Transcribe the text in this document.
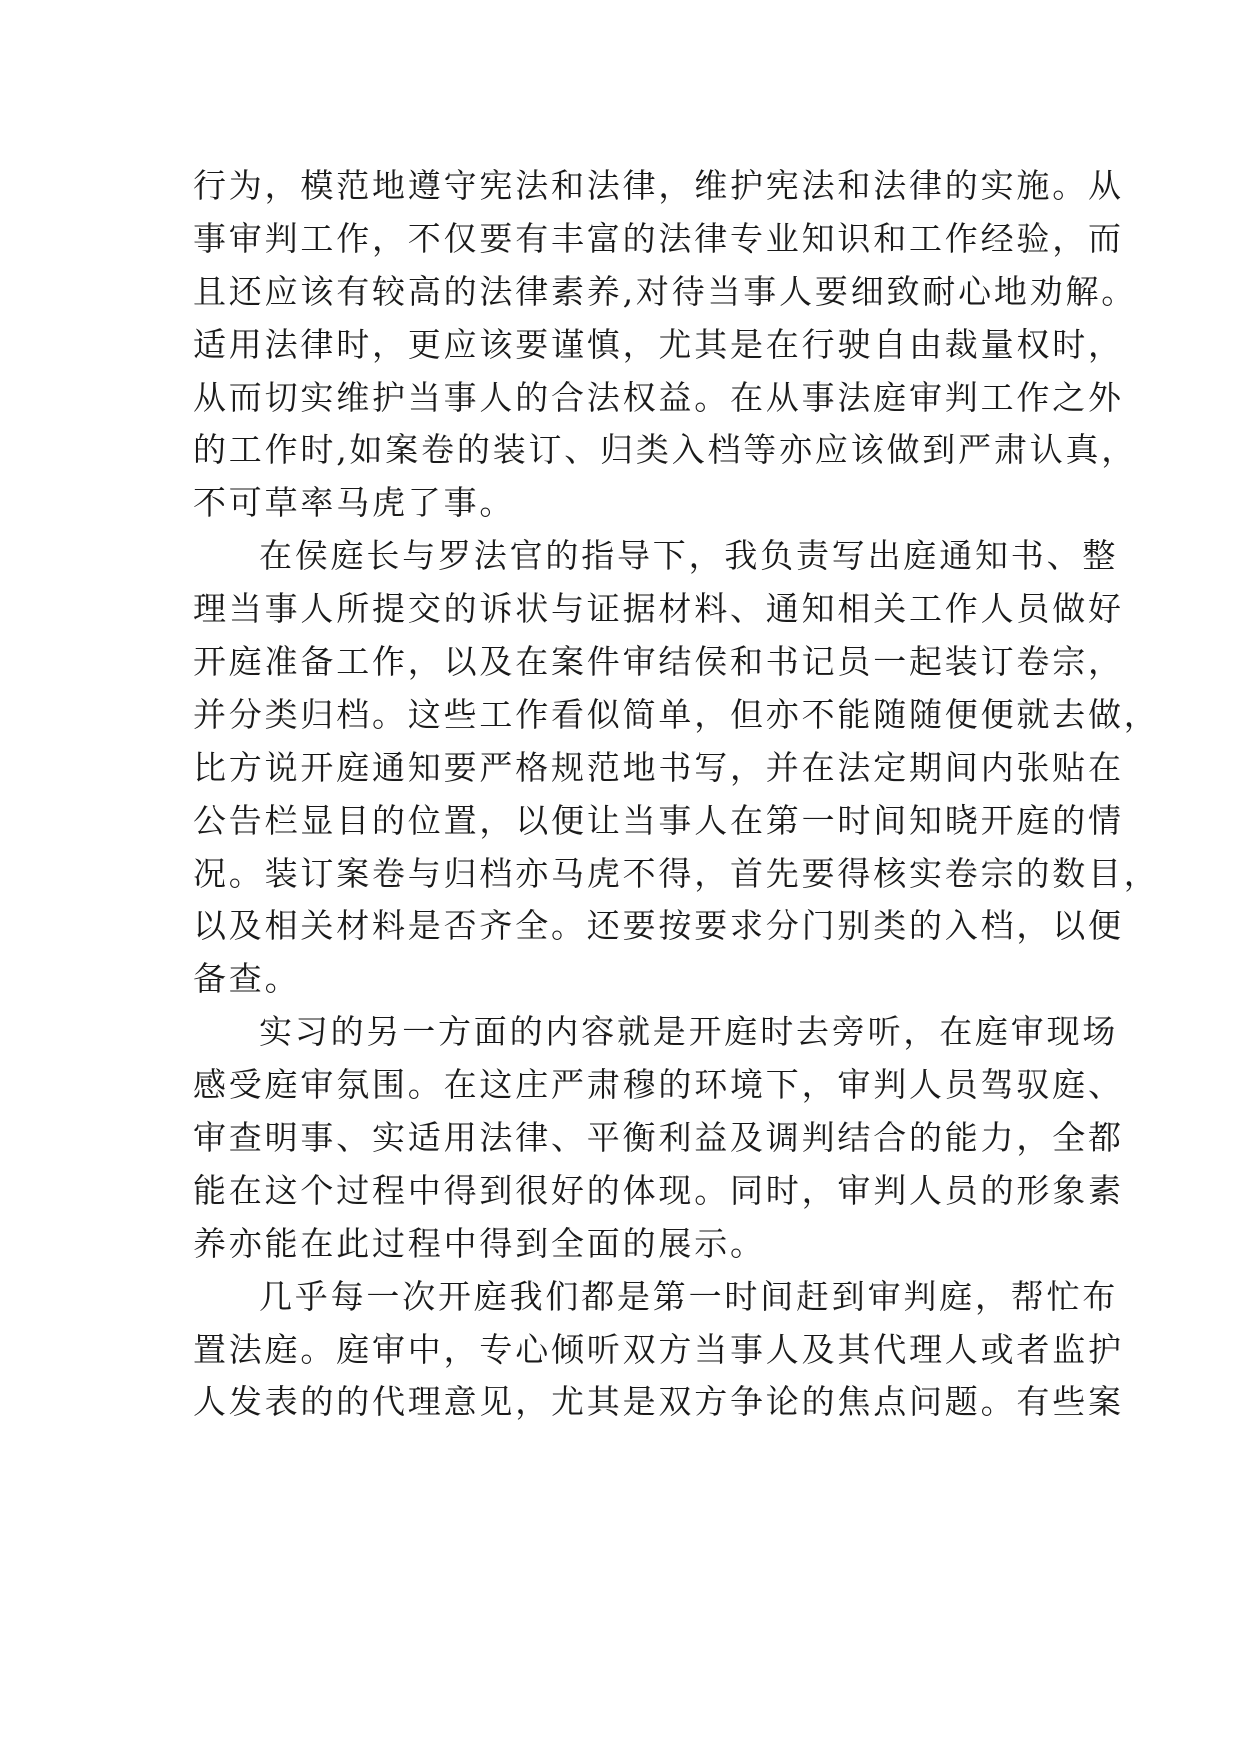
行为，模范地遵守宪法和法律，维护宪法和法律的实施。从
事审判工作，不仅要有丰富的法律专业知识和工作经验，而
且还应该有较高的法律素养,对待当事人要细致耐心地劝解。
适用法律时，更应该要谨慎，尤其是在行驶自由裁量权时，
从而切实维护当事人的合法权益。在从事法庭审判工作之外
的工作时,如案卷的装订、归类入档等亦应该做到严肃认真，
不可草率马虎了事。
在侯庭长与罗法官的指导下，我负责写出庭通知书、整
理当事人所提交的诉状与证据材料、通知相关工作人员做好
开庭准备工作，以及在案件审结侯和书记员一起装订卷宗，
并分类归档。这些工作看似简单，但亦不能随随便便就去做，
比方说开庭通知要严格规范地书写，并在法定期间内张贴在
公告栏显目的位置，以便让当事人在第一时间知晓开庭的情
况。装订案卷与归档亦马虎不得，首先要得核实卷宗的数目，
以及相关材料是否齐全。还要按要求分门别类的入档，以便
备查。
实习的另一方面的内容就是开庭时去旁听，在庭审现场
感受庭审氛围。在这庄严肃穆的环境下，审判人员驾驭庭、
审查明事、实适用法律、平衡利益及调判结合的能力，全都
能在这个过程中得到很好的体现。同时，审判人员的形象素
养亦能在此过程中得到全面的展示。
几乎每一次开庭我们都是第一时间赶到审判庭，帮忙布
置法庭。庭审中，专心倾听双方当事人及其代理人或者监护
人发表的的代理意见，尤其是双方争论的焦点问题。有些案
